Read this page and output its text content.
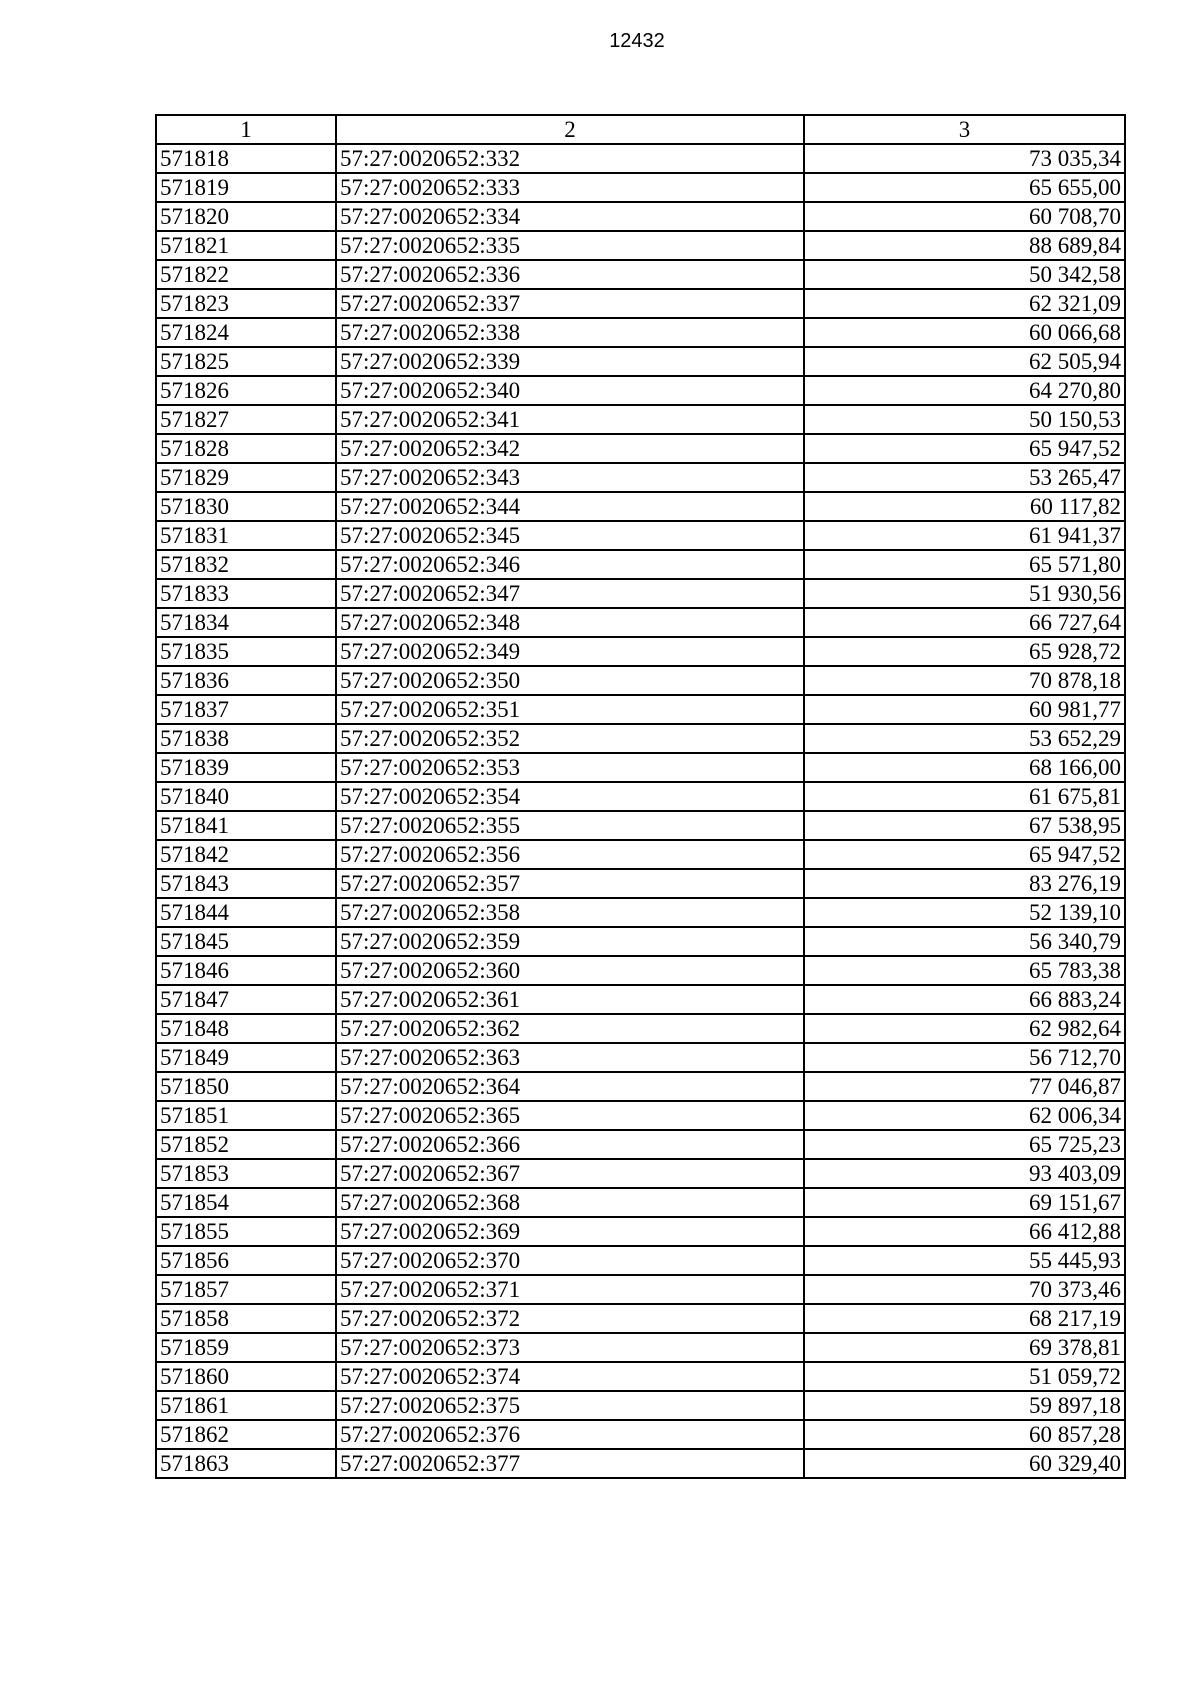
12432
1	2	3
571818	57:27:0020652:332	73 035,34
571819	57:27:0020652:333	65 655,00
571820	57:27:0020652:334	60 708,70
571821	57:27:0020652:335	88 689,84
571822	57:27:0020652:336	50 342,58
571823	57:27:0020652:337	62 321,09
571824	57:27:0020652:338	60 066,68
571825	57:27:0020652:339	62 505,94
571826	57:27:0020652:340	64 270,80
571827	57:27:0020652:341	50 150,53
571828	57:27:0020652:342	65 947,52
571829	57:27:0020652:343	53 265,47
571830	57:27:0020652:344	60 117,82
571831	57:27:0020652:345	61 941,37
571832	57:27:0020652:346	65 571,80
571833	57:27:0020652:347	51 930,56
571834	57:27:0020652:348	66 727,64
571835	57:27:0020652:349	65 928,72
571836	57:27:0020652:350	70 878,18
571837	57:27:0020652:351	60 981,77
571838	57:27:0020652:352	53 652,29
571839	57:27:0020652:353	68 166,00
571840	57:27:0020652:354	61 675,81
571841	57:27:0020652:355	67 538,95
571842	57:27:0020652:356	65 947,52
571843	57:27:0020652:357	83 276,19
571844	57:27:0020652:358	52 139,10
571845	57:27:0020652:359	56 340,79
571846	57:27:0020652:360	65 783,38
571847	57:27:0020652:361	66 883,24
571848	57:27:0020652:362	62 982,64
571849	57:27:0020652:363	56 712,70
571850	57:27:0020652:364	77 046,87
571851	57:27:0020652:365	62 006,34
571852	57:27:0020652:366	65 725,23
571853	57:27:0020652:367	93 403,09
571854	57:27:0020652:368	69 151,67
571855	57:27:0020652:369	66 412,88
571856	57:27:0020652:370	55 445,93
571857	57:27:0020652:371	70 373,46
571858	57:27:0020652:372	68 217,19
571859	57:27:0020652:373	69 378,81
571860	57:27:0020652:374	51 059,72
571861	57:27:0020652:375	59 897,18
571862	57:27:0020652:376	60 857,28
571863	57:27:0020652:377	60 329,40
